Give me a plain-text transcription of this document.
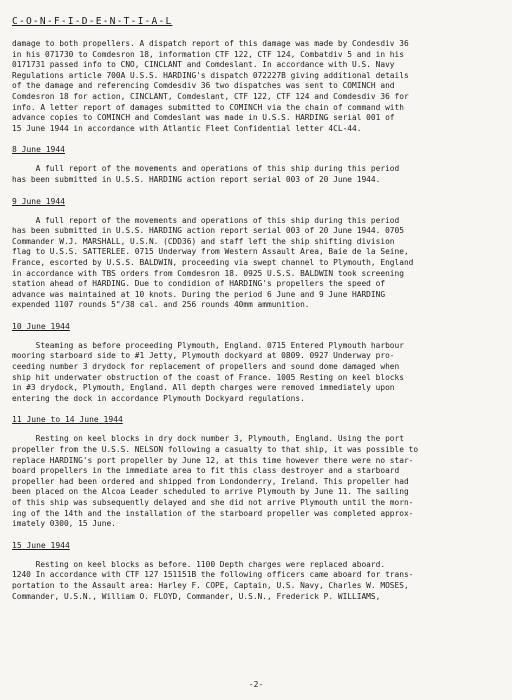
C-O-N-F-I-D-E-N-T-I-A-L

damage to both propellers. A dispatch report of this damage was made by Condesdiv 36
in his 071730 to Comdesron 18, information CTF 122, CTF 124, Combatdiv 5 and in his
0171731 passed info to CNO, CINCLANT and Comdeslant. In accordance with U.S. Navy
Regulations article 700A U.S.S. HARDING's dispatch 072227B giving additional details
of the damage and referencing Comdesdiv 36 two dispatches was sent to COMINCH and
Comdesron 18 for action, CINCLANT, Comdeslant, CTF 122, CTF 124 and Comdesdiv 36 for
info. A letter report of damages submitted to COMINCH via the chain of command with
advance copies to COMINCH and Comdeslant was made in U.S.S. HARDING serial 001 of
15 June 1944 in accordance with Atlantic Fleet Confidential letter 4CL-44.

8 June 1944

A full report of the movements and operations of this ship during this period
has been submitted in U.S.S. HARDING action report serial 003 of 20 June 1944.

9 June 1944

A full report of the movements and operations of this ship during this period
has been submitted in U.S.S. HARDING action report serial 003 of 20 June 1944. 0705
Commander W.J. MARSHALL, U.S.N. (CDD36) and staff left the ship shifting division
flag to U.S.S. SATTERLEE. 0715 Underway from Western Assault Area, Baie de la Seine,
France, escorted by U.S.S. BALDWIN, proceeding via swept channel to Plymouth, England
in accordance with TBS orders from Comdesron 18. 0925 U.S.S. BALDWIN took screening
station ahead of HARDING. Due to condidion of HARDING's propellers the speed of
advance was maintained at 10 knots. During the period 6 June and 9 June HARDING
expended 1107 rounds 5"/38 cal. and 256 rounds 40mm ammunition.

10 June 1944

Steaming as before proceeding Plymouth, England. 0715 Entered Plymouth harbour
mooring starboard side to #1 Jetty, Plymouth dockyard at 0809. 0927 Underway pro-
ceeding number 3 drydock for replacement of propellers and sound dome damaged when
ship hit underwater obstruction of the coast of France. 1005 Resting on keel blocks
in #3 drydock, Plymouth, England. All depth charges were removed immediately upon
entering the dock in accordance Plymouth Dockyard regulations.

11 June to 14 June 1944

Resting on keel blocks in dry dock number 3, Plymouth, England. Using the port
propeller from the U.S.S. NELSON following a casualty to that ship, it was possible to
replace HARDING's port propeller by June 12, at this time however there were no star-
board propellers in the immediate area to fit this class destroyer and a starboard
propeller had been ordered and shipped from Londonderry, Ireland. This propeller had
been placed on the Alcoa Leader scheduled to arrive Plymouth by June 11. The sailing
of this ship was subsequently delayed and she did not arrive Plymouth until the morn-
ing of the 14th and the installation of the starboard propeller was completed approx-
imately 0300, 15 June.

15 June 1944

Resting on keel blocks as before. 1100 Depth charges were replaced aboard.
1240 In accordance with CTF 127 151151B the following officers came aboard for trans-
portation to the Assault area: Harley F. COPE, Captain, U.S. Navy, Charles W. MOSES,
Commander, U.S.N., William O. FLOYD, Commander, U.S.N., Frederick P. WILLIAMS,

-2-
